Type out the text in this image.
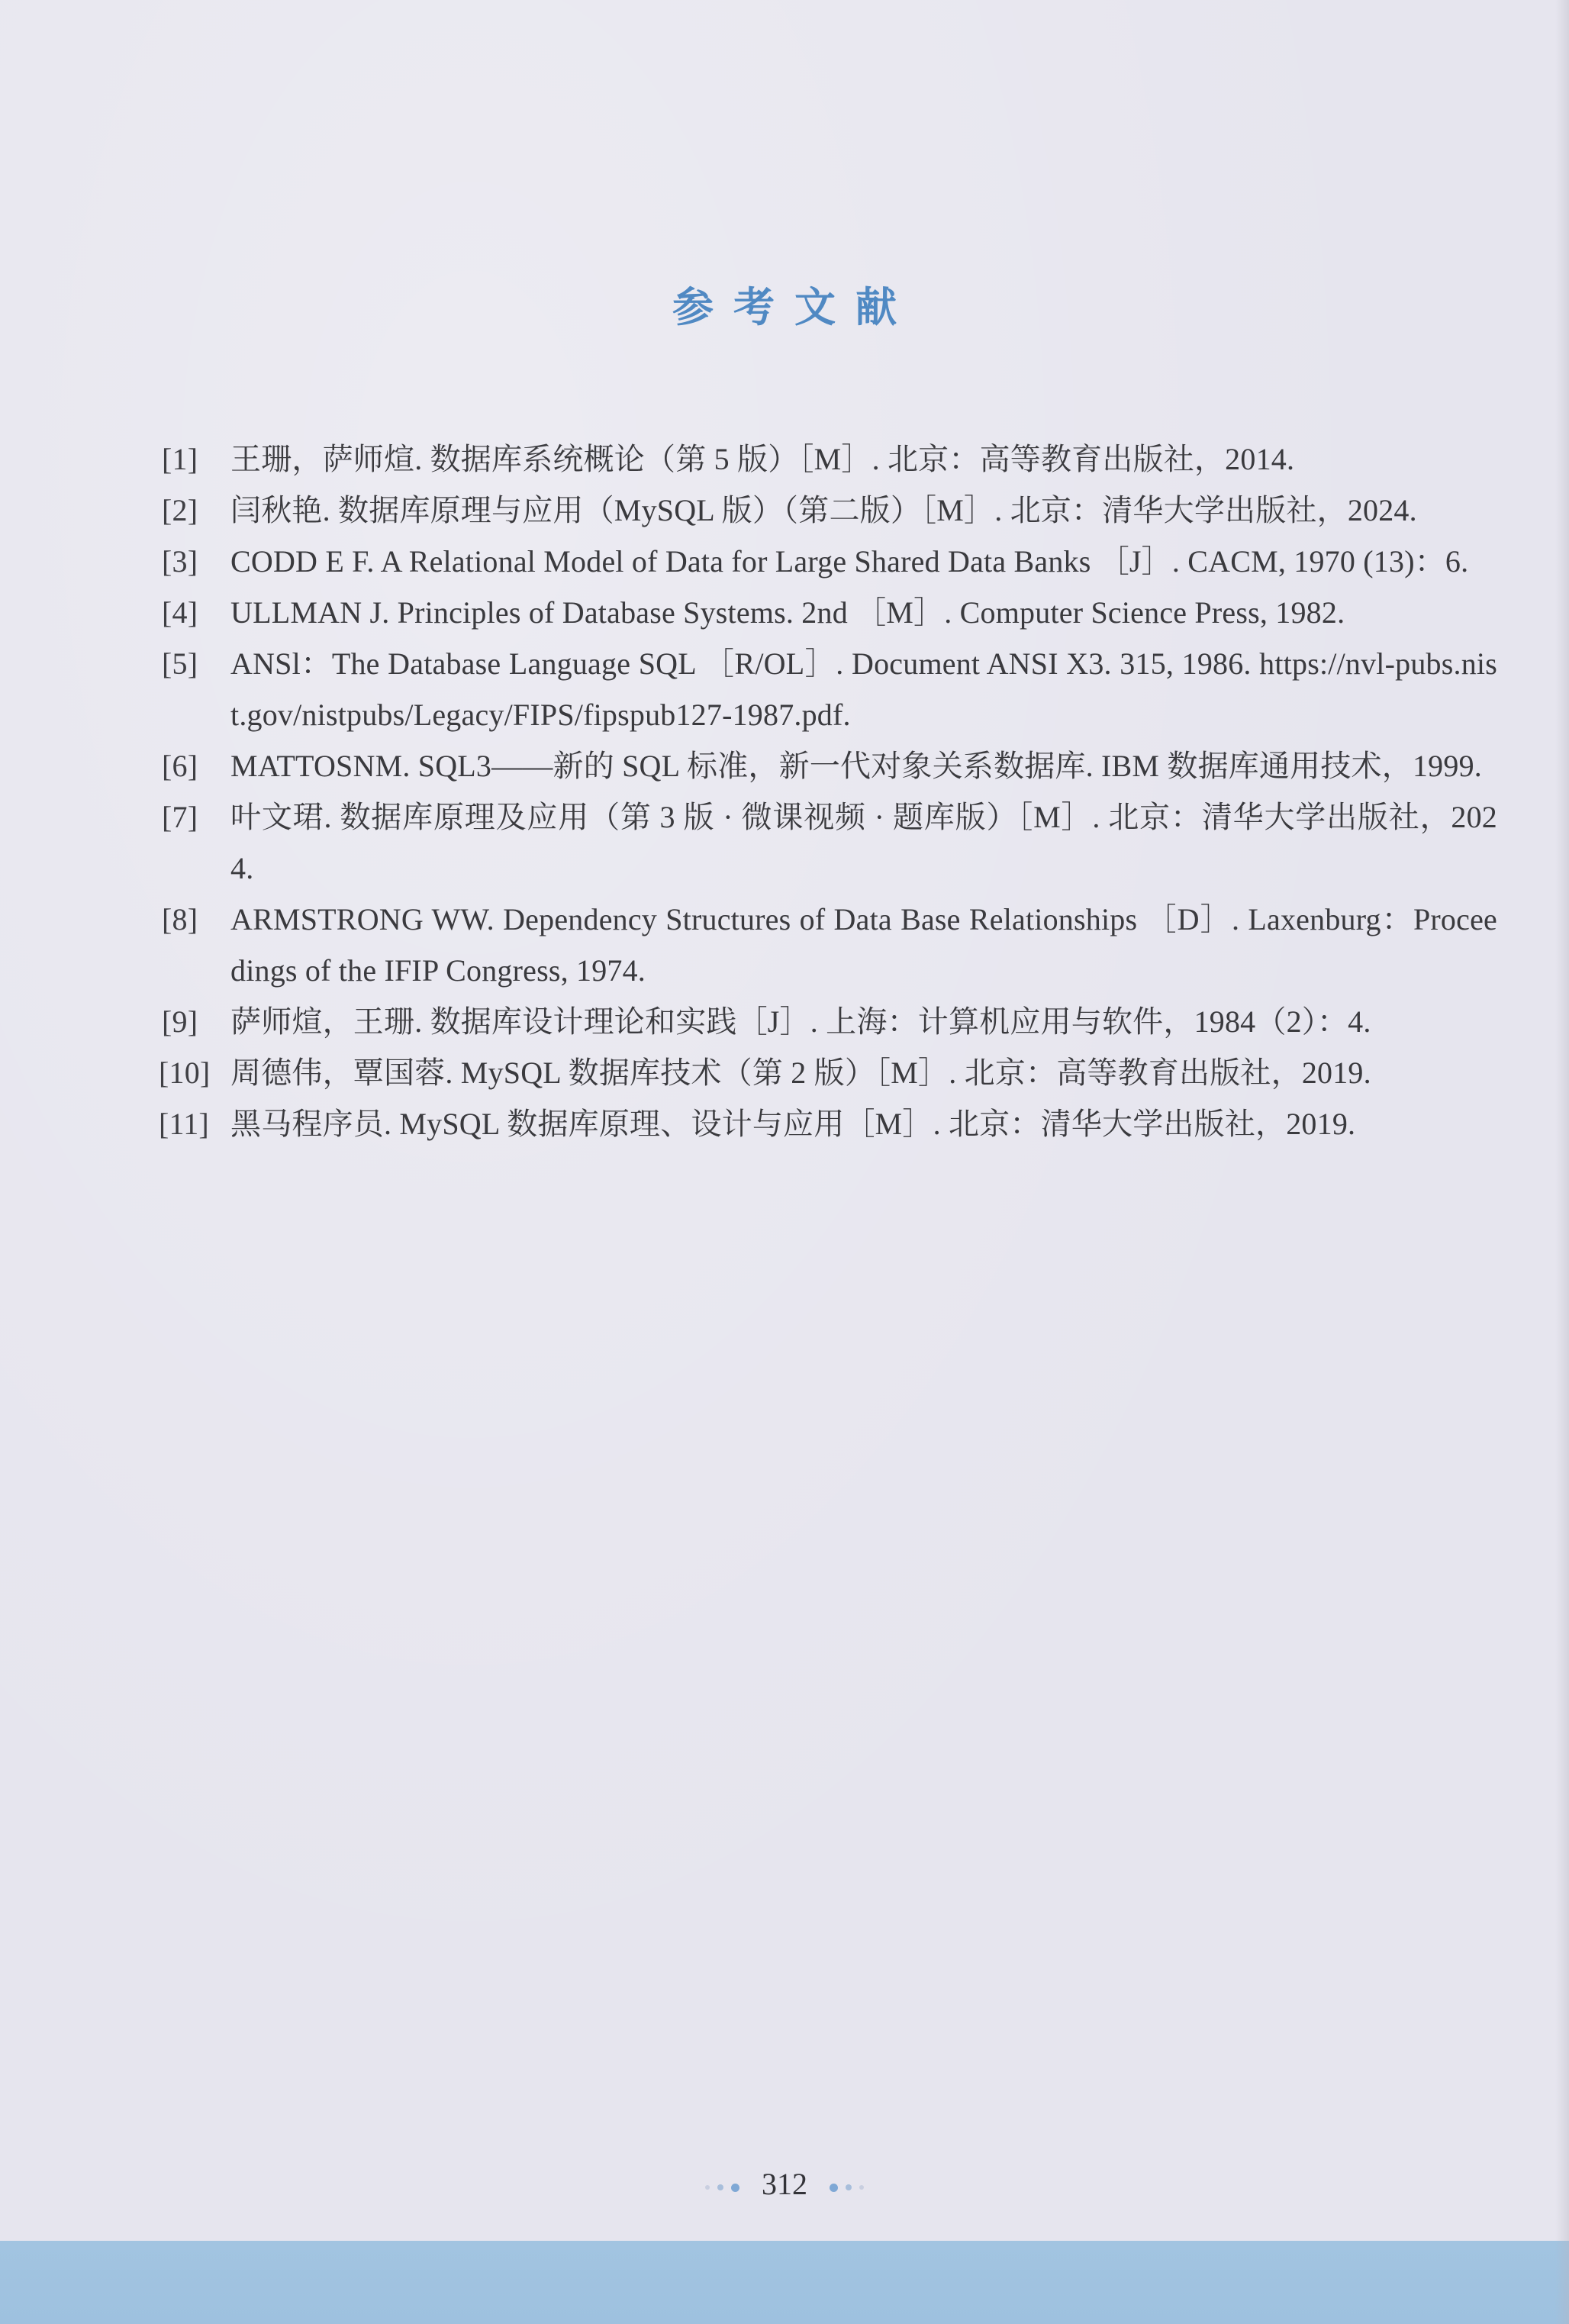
参考文献
[1] 王珊，萨师煊. 数据库系统概论（第 5 版）［M］. 北京：高等教育出版社，2014.
[2] 闫秋艳. 数据库原理与应用（MySQL 版）（第二版）［M］. 北京：清华大学出版社，2024.
[3] CODD E F. A Relational Model of Data for Large Shared Data Banks ［J］. CACM, 1970 (13)：6.
[4] ULLMAN J. Principles of Database Systems. 2nd ［M］. Computer Science Press, 1982.
[5] ANSl：The Database Language SQL ［R/OL］. Document ANSI X3. 315, 1986. https://nvl-pubs.nist.gov/nistpubs/Legacy/FIPS/fipspub127-1987.pdf.
[6] MATTOSNM. SQL3——新的 SQL 标准，新一代对象关系数据库. IBM 数据库通用技术，1999.
[7] 叶文珺. 数据库原理及应用（第 3 版 · 微课视频 · 题库版）［M］. 北京：清华大学出版社，2024.
[8] ARMSTRONG WW. Dependency Structures of Data Base Relationships ［D］. Laxenburg：Proceedings of the IFIP Congress, 1974.
[9] 萨师煊，王珊. 数据库设计理论和实践［J］. 上海：计算机应用与软件，1984（2）：4.
[10] 周德伟，覃国蓉. MySQL 数据库技术（第 2 版）［M］. 北京：高等教育出版社，2019.
[11] 黑马程序员. MySQL 数据库原理、设计与应用［M］. 北京：清华大学出版社，2019.
312
